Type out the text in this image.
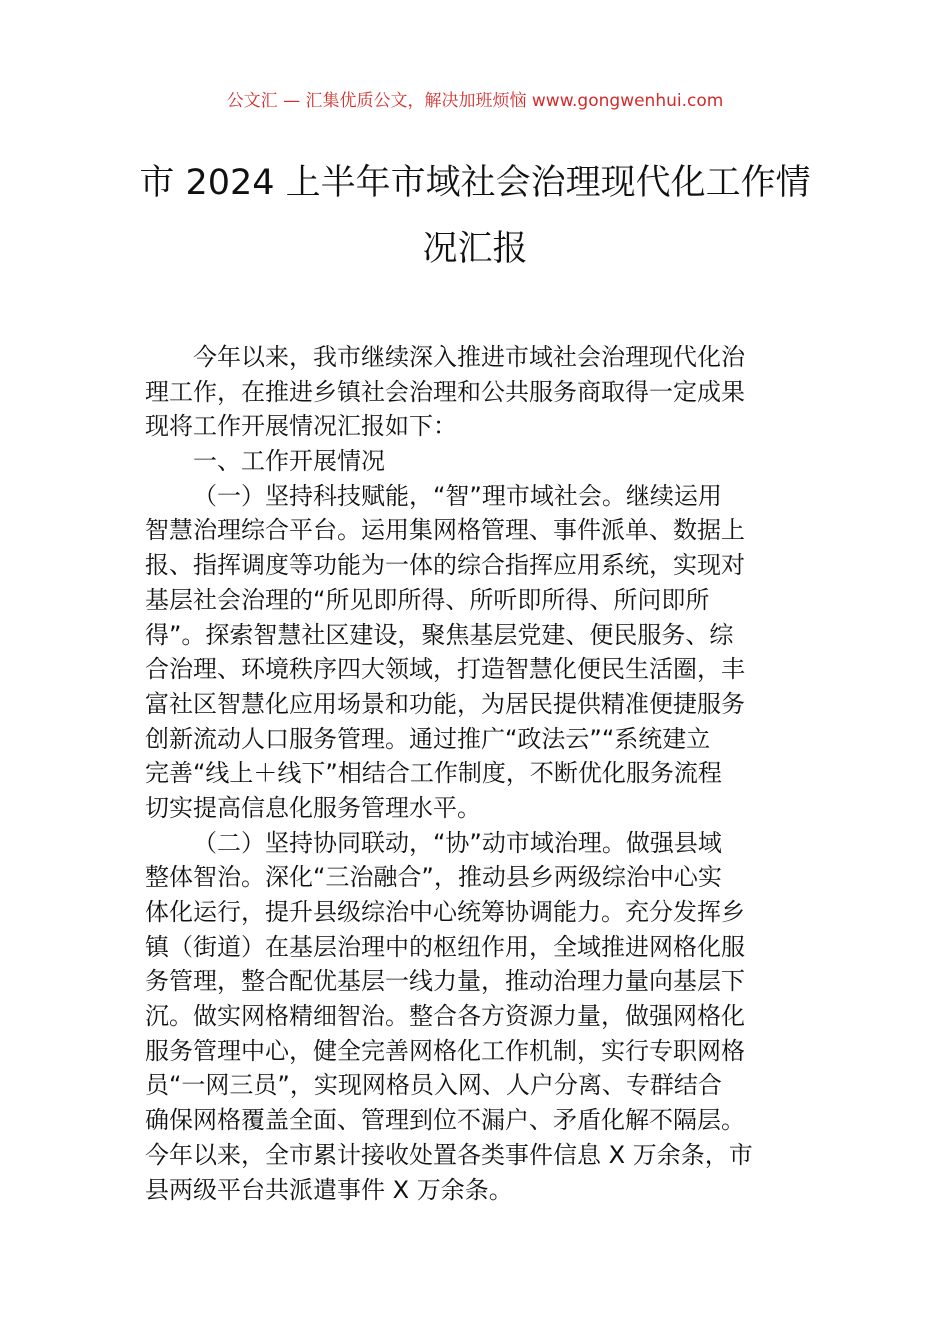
公文汇 — 汇集优质公文，解决加班烦恼 www.gongwenhui.com
市 2024 上半年市域社会治理现代化工作情
况汇报
今年以来，我市继续深入推进市域社会治理现代化治
理工作，在推进乡镇社会治理和公共服务商取得一定成果
现将工作开展情况汇报如下：
一、工作开展情况
（一）坚持科技赋能，“智”理市域社会。继续运用
智慧治理综合平台。运用集网格管理、事件派单、数据上
报、指挥调度等功能为一体的综合指挥应用系统，实现对
基层社会治理的“所见即所得、所听即所得、所问即所
得”。探索智慧社区建设，聚焦基层党建、便民服务、综
合治理、环境秩序四大领域，打造智慧化便民生活圈，丰
富社区智慧化应用场景和功能，为居民提供精准便捷服务
创新流动人口服务管理。通过推广“政法云”“系统建立
完善“线上＋线下”相结合工作制度，不断优化服务流程
切实提高信息化服务管理水平。
（二）坚持协同联动，“协”动市域治理。做强县域
整体智治。深化“三治融合”，推动县乡两级综治中心实
体化运行，提升县级综治中心统筹协调能力。充分发挥乡
镇（街道）在基层治理中的枢纽作用，全域推进网格化服
务管理，整合配优基层一线力量，推动治理力量向基层下
沉。做实网格精细智治。整合各方资源力量，做强网格化
服务管理中心，健全完善网格化工作机制，实行专职网格
员“一网三员”，实现网格员入网、人户分离、专群结合
确保网格覆盖全面、管理到位不漏户、矛盾化解不隔层。
今年以来，全市累计接收处置各类事件信息 X 万余条，市
县两级平台共派遣事件 X 万余条。
